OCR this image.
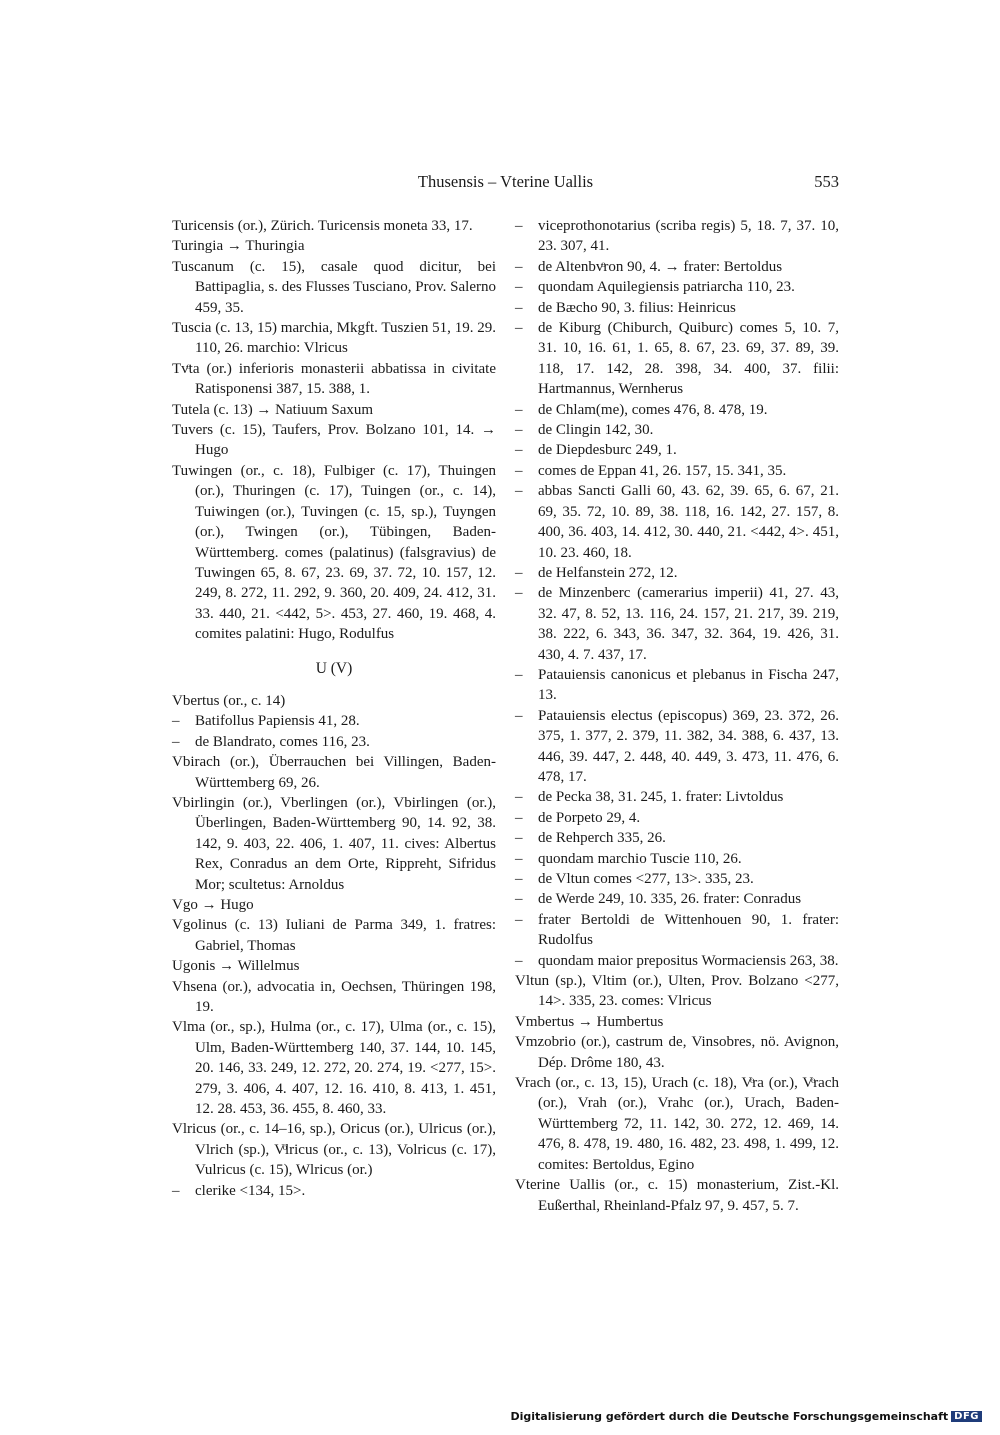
Thusensis – Vterine Uallis	553

Turicensis (or.), Zürich. Turicensis moneta 33, 17.

Turingia → Thuringia

Tuscanum (c. 15), casale quod dicitur, bei Battipaglia, s. des Flusses Tusciano, Prov. Salerno 459, 35.

Tuscia (c. 13, 15) marchia, Mkgft. Tuszien 51, 19. 29. 110, 26. marchio: Vlricus

Tvͦta (or.) inferioris monasterii abbatissa in civitate Ratisponensi 387, 15. 388, 1.

Tutela (c. 13) → Natiuum Saxum

Tuvers (c. 15), Taufers, Prov. Bolzano 101, 14. → Hugo

Tuwingen (or., c. 18), Fulbiger (c. 17), Thuingen (or.), Thuringen (c. 17), Tuingen (or., c. 14), Tuiwingen (or.), Tuvingen (c. 15, sp.), Tuyngen (or.), Twingen (or.), Tübingen, Baden-Württemberg. comes (palatinus) (falsgravius) de Tuwingen 65, 8. 67, 23. 69, 37. 72, 10. 157, 12. 249, 8. 272, 11. 292, 9. 360, 20. 409, 24. 412, 31. 33. 440, 21. <442, 5>. 453, 27. 460, 19. 468, 4. comites palatini: Hugo, Rodulfus

U (V)

Vbertus (or., c. 14)

– Batifollus Papiensis 41, 28.

– de Blandrato, comes 116, 23.

Vbirach (or.), Überrauchen bei Villingen, Baden-Württemberg 69, 26.

Vbirlingin (or.), Vberlingen (or.), Vbirlingen (or.), Überlingen, Baden-Württemberg 90, 14. 92, 38. 142, 9. 403, 22. 406, 1. 407, 11. cives: Albertus Rex, Conradus an dem Orte, Rippreht, Sifridus Mor; scultetus: Arnoldus

Vgo → Hugo

Vgolinus (c. 13) Iuliani de Parma 349, 1. fratres: Gabriel, Thomas

Ugonis → Willelmus

Vhsena (or.), advocatia in, Oechsen, Thüringen 198, 19.

Vlma (or., sp.), Hulma (or., c. 17), Ulma (or., c. 15), Ulm, Baden-Württemberg 140, 37. 144, 10. 145, 20. 146, 33. 249, 12. 272, 20. 274, 19. <277, 15>. 279, 3. 406, 4. 407, 12. 16. 410, 8. 413, 1. 451, 12. 28. 453, 36. 455, 8. 460, 33.

Vlricus (or., c. 14–16, sp.), Oricus (or.), Ulricus (or.), Vlrich (sp.), Vͦlricus (or., c. 13), Volricus (c. 17), Vulricus (c. 15), Wlricus (or.)

– clerike <134, 15>.

– viceprothonotarius (scriba regis) 5, 18. 7, 37. 10, 23. 307, 41.

– de Altenbvͦron 90, 4. → frater: Bertoldus

– quondam Aquilegiensis patriarcha 110, 23.

– de Bæcho 90, 3. filius: Heinricus

– de Kiburg (Chiburch, Quiburc) comes 5, 10. 7, 31. 10, 16. 61, 1. 65, 8. 67, 23. 69, 37. 89, 39. 118, 17. 142, 28. 398, 34. 400, 37. filii: Hartmannus, Wernherus

– de Chlam(me), comes 476, 8. 478, 19.

– de Clingin 142, 30.

– de Diepdesburc 249, 1.

– comes de Eppan 41, 26. 157, 15. 341, 35.

– abbas Sancti Galli 60, 43. 62, 39. 65, 6. 67, 21. 69, 35. 72, 10. 89, 38. 118, 16. 142, 27. 157, 8. 400, 36. 403, 14. 412, 30. 440, 21. <442, 4>. 451, 10. 23. 460, 18.

– de Helfanstein 272, 12.

– de Minzenberc (camerarius imperii) 41, 27. 43, 32. 47, 8. 52, 13. 116, 24. 157, 21. 217, 39. 219, 38. 222, 6. 343, 36. 347, 32. 364, 19. 426, 31. 430, 4. 7. 437, 17.

– Patauiensis canonicus et plebanus in Fischa 247, 13.

– Patauiensis electus (episcopus) 369, 23. 372, 26. 375, 1. 377, 2. 379, 11. 382, 34. 388, 6. 437, 13. 446, 39. 447, 2. 448, 40. 449, 3. 473, 11. 476, 6. 478, 17.

– de Pecka 38, 31. 245, 1. frater: Livtoldus

– de Porpeto 29, 4.

– de Rehperch 335, 26.

– quondam marchio Tuscie 110, 26.

– de Vltun comes <277, 13>. 335, 23.

– de Werde 249, 10. 335, 26. frater: Conradus

– frater Bertoldi de Wittenhouen 90, 1. frater: Rudolfus

– quondam maior prepositus Wormaciensis 263, 38.

Vltun (sp.), Vltim (or.), Ulten, Prov. Bolzano <277, 14>. 335, 23. comes: Vlricus

Vmbertus → Humbertus

Vmzobrio (or.), castrum de, Vinsobres, nö. Avignon, Dép. Drôme 180, 43.

Vrach (or., c. 13, 15), Urach (c. 18), Vͦra (or.), Vͦrach (or.), Vrah (or.), Vrahc (or.), Urach, Baden-Württemberg 72, 11. 142, 30. 272, 12. 469, 14. 476, 8. 478, 19. 480, 16. 482, 23. 498, 1. 499, 12. comites: Bertoldus, Egino

Vterine Uallis (or., c. 15) monasterium, Zist.-Kl. Eußerthal, Rheinland-Pfalz 97, 9. 457, 5. 7.

Digitalisierung gefördert durch die Deutsche Forschungsgemeinschaft DFG
